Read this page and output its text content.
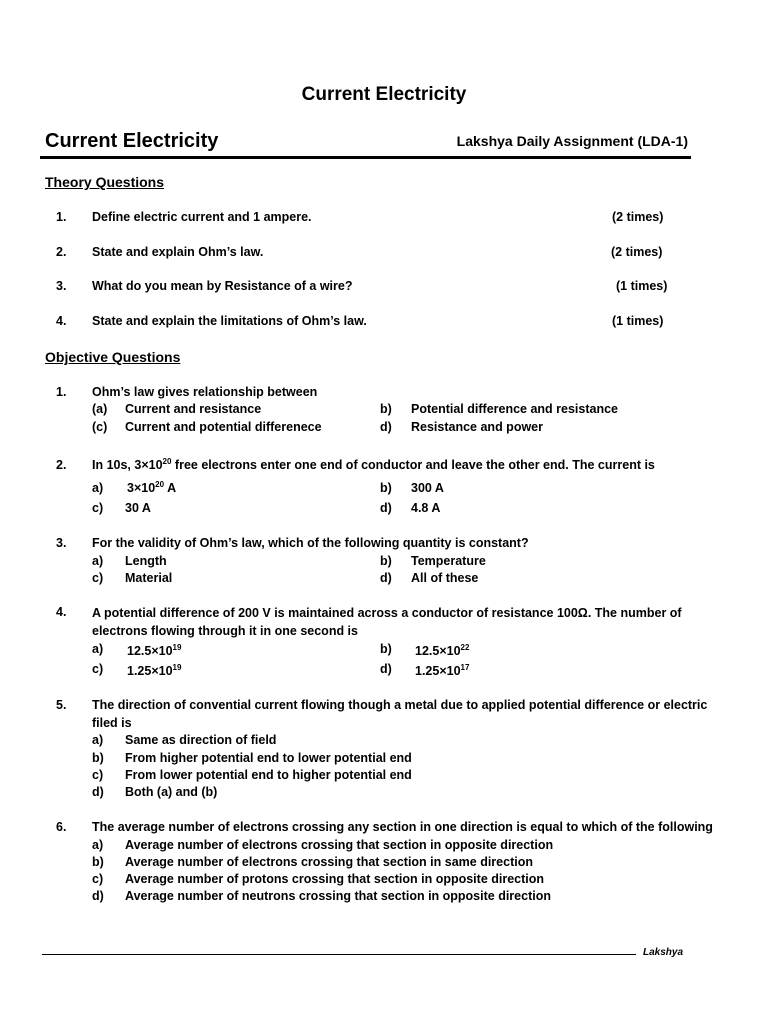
Current Electricity
Current Electricity	Lakshya Daily Assignment (LDA-1)
Theory Questions
1. Define electric current and 1 ampere.	(2 times)
2. State and explain Ohm’s law.	(2 times)
3. What do you mean by Resistance of a wire?	(1 times)
4. State and explain the limitations of Ohm’s law.	(1 times)
Objective Questions
1. Ohm’s law gives relationship between
(a) Current and resistance	b) Potential difference and resistance
(c) Current and potential differenece	d) Resistance and power
2. In 10s, $3\times 10^{20}$ free electrons enter one end of conductor and leave the other end. The current is
a) $3\times 10^{20}$ A	b) 300 A
c) 30 A	d) 4.8 A
3. For the validity of Ohm’s law, which of the following quantity is constant?
a) Length	b) Temperature
c) Material	d) All of these
4. A potential difference of 200 V is maintained across a conductor of resistance 100Ω. The number of
electrons flowing through it in one second is
a) $12.5\times 10^{19}$	b) $12.5\times 10^{22}$
c) $1.25\times 10^{19}$	d) $1.25\times 10^{17}$
5. The direction of convential current flowing though a metal due to applied potential difference or electric
filed is
a) Same as direction of field
b) From higher potential end to lower potential end
c) From lower potential end to higher potential end
d) Both (a) and (b)
6. The average number of electrons crossing any section in one direction is equal to which of the following
a) Average number of electrons crossing that section in opposite direction
b) Average number of electrons crossing that section in same direction
c) Average number of protons crossing that section in opposite direction
d) Average number of neutrons crossing that section in opposite direction
Lakshya
